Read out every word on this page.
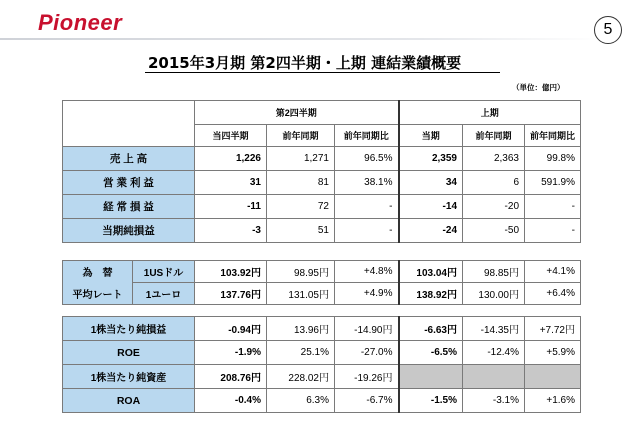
Pioneer	5
2015年3月期 第2四半期・上期 連結業績概要
（単位：億円）
	第2四半期			上期		
	当四半期	前年同期	前年同期比	当期	前年同期	前年同期比
売 上 高	1,226	1,271	96.5%	2,359	2,363	99.8%
営 業 利 益	31	81	38.1%	34	6	591.9%
経 常 損 益	-11	72	-	-14	-20	-
当期純損益	-3	51	-	-24	-50	-
為　替	1USドル	103.92円	98.95円	+4.8%	103.04円	98.85円	+4.1%
平均レート	1ユーロ	137.76円	131.05円	+4.9%	138.92円	130.00円	+6.4%
1株当たり純損益	-0.94円	13.96円	-14.90円	-6.63円	-14.35円	+7.72円
ROE	-1.9%	25.1%	-27.0%	-6.5%	-12.4%	+5.9%
1株当たり純資産	208.76円	228.02円	-19.26円			
ROA	-0.4%	6.3%	-6.7%	-1.5%	-3.1%	+1.6%
